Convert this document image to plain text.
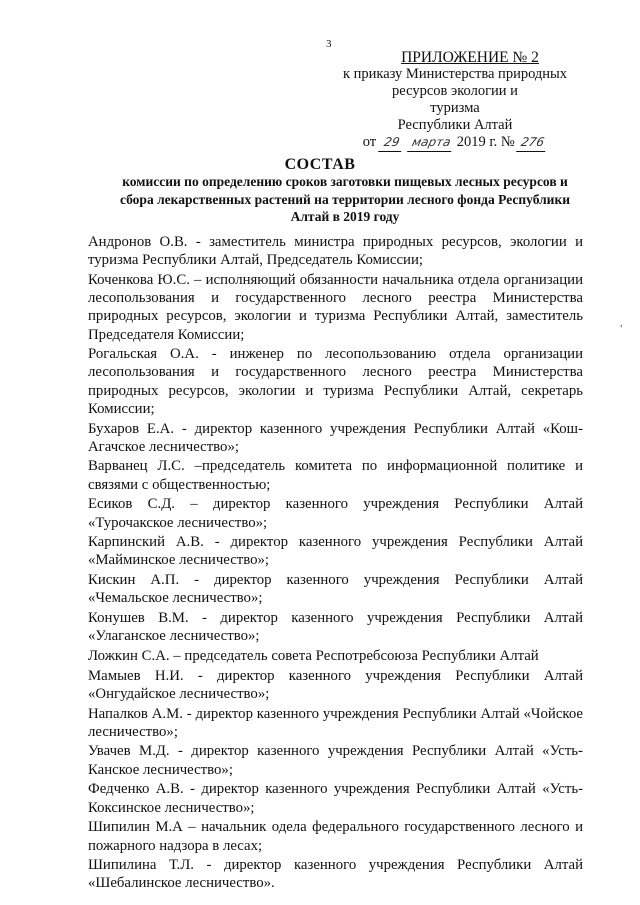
3
ПРИЛОЖЕНИЕ № 2
к приказу Министерства природных
ресурсов экологии и
туризма
Республики Алтай
от 29 марта 2019 г. № 276
СОСТАВ
комиссии по определению сроков заготовки пищевых лесных ресурсов и сбора лекарственных растений на территории лесного фонда Республики Алтай в 2019 году
Андронов О.В. - заместитель министра природных ресурсов, экологии и туризма Республики Алтай, Председатель Комиссии;
Коченкова Ю.С. – исполняющий обязанности начальника отдела организации лесопользования и государственного лесного реестра Министерства природных ресурсов, экологии и туризма Республики Алтай, заместитель Председателя Комиссии;
Рогальская О.А. - инженер по лесопользованию отдела организации лесопользования и государственного лесного реестра Министерства природных ресурсов, экологии и туризма Республики Алтай, секретарь Комиссии;
Бухаров Е.А. - директор казенного учреждения Республики Алтай «Кош-Агачское лесничество»;
Варванец Л.С. –председатель комитета по информационной политике и связями с общественностью;
Есиков С.Д. – директор казенного учреждения Республики Алтай «Турочакское лесничество»;
Карпинский А.В. - директор казенного учреждения Республики Алтай «Майминское лесничество»;
Кискин А.П. - директор казенного учреждения Республики Алтай «Чемальское лесничество»;
Конушев В.М. - директор казенного учреждения Республики Алтай «Улаганское лесничество»;
Ложкин С.А. – председатель совета Респотребсоюза Республики Алтай
Мамыев Н.И. - директор казенного учреждения Республики Алтай «Онгудайское лесничество»;
Напалков А.М. - директор казенного учреждения Республики Алтай «Чойское лесничество»;
Увачев М.Д. - директор казенного учреждения Республики Алтай «Усть-Канское лесничество»;
Федченко А.В. - директор казенного учреждения Республики Алтай «Усть-Коксинское лесничество»;
Шипилин М.А – начальник одела федерального государственного лесного и пожарного надзора в лесах;
Шипилина Т.Л. - директор казенного учреждения Республики Алтай «Шебалинское лесничество».
,
